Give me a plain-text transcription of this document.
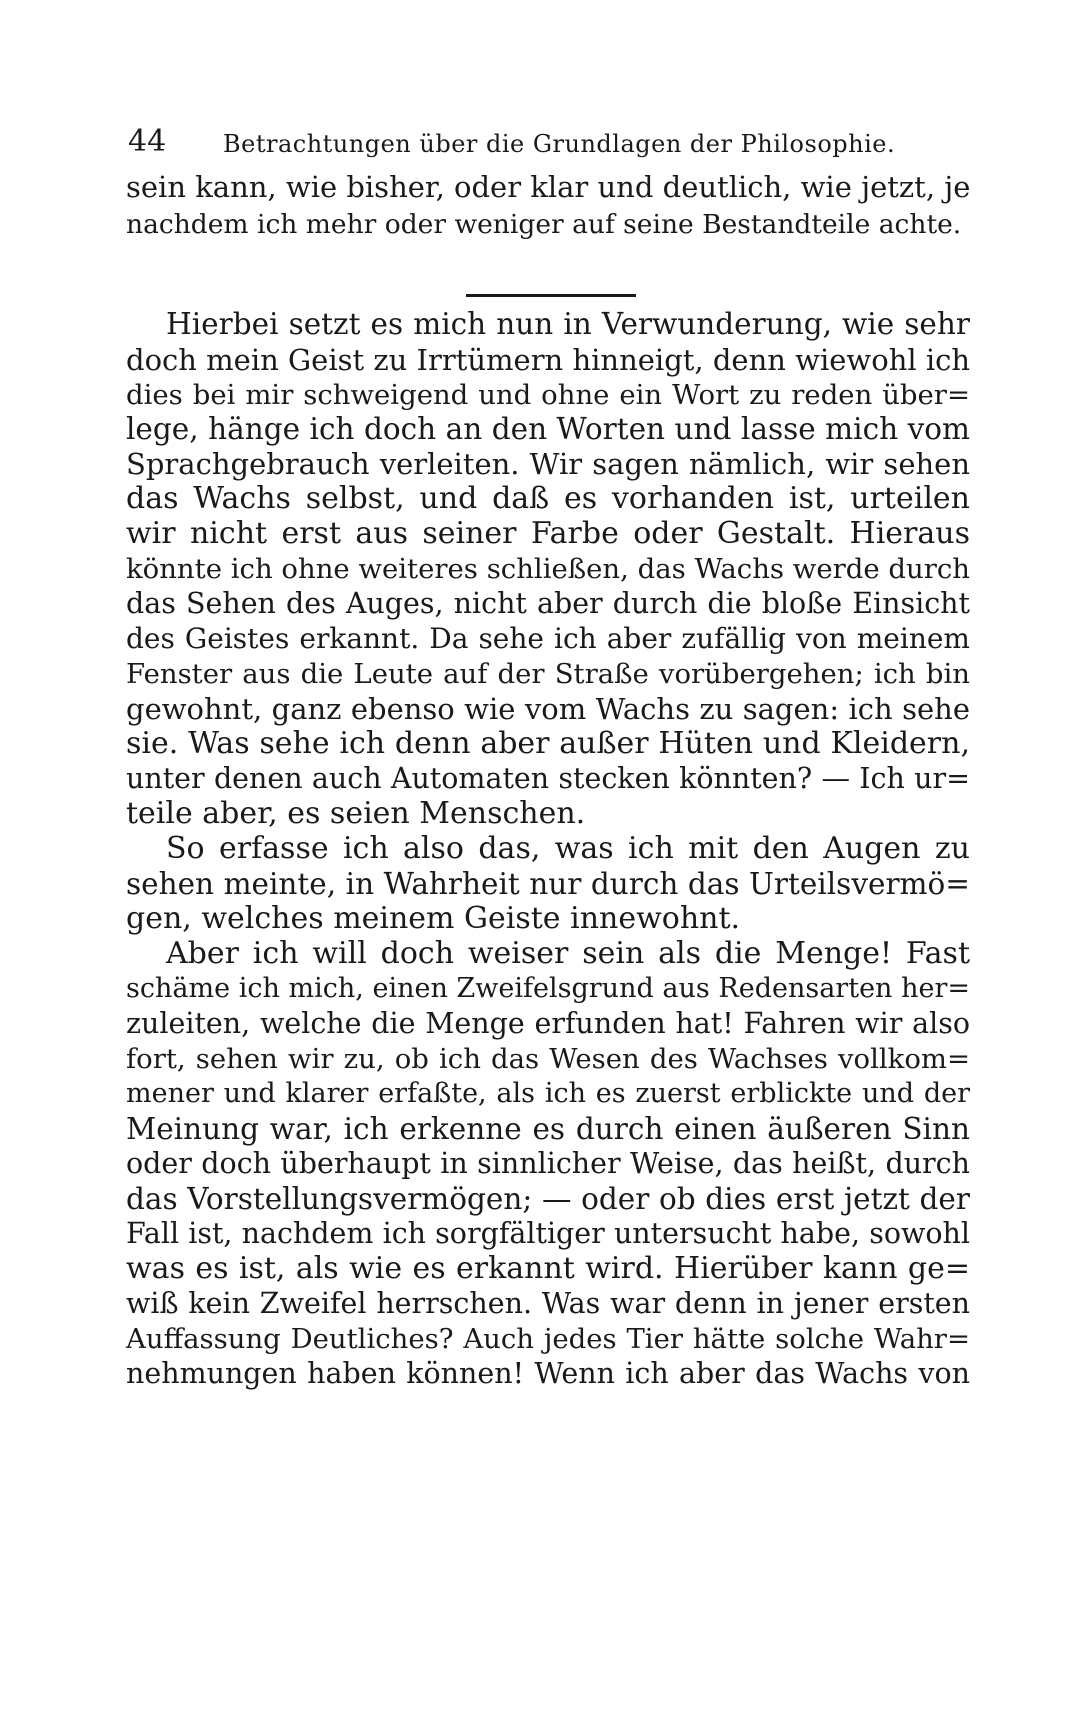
44 Betrachtungen über die Grundlagen der Philosophie.
sein kann, wie bisher, oder klar und deutlich, wie jetzt, je
nachdem ich mehr oder weniger auf seine Bestandteile achte.
Hierbei setzt es mich nun in Verwunderung, wie sehr
doch mein Geist zu Irrtümern hinneigt, denn wiewohl ich
dies bei mir schweigend und ohne ein Wort zu reden über=
lege, hänge ich doch an den Worten und lasse mich vom
Sprachgebrauch verleiten. Wir sagen nämlich, wir sehen
das Wachs selbst, und daß es vorhanden ist, urteilen
wir nicht erst aus seiner Farbe oder Gestalt. Hieraus
könnte ich ohne weiteres schließen, das Wachs werde durch
das Sehen des Auges, nicht aber durch die bloße Einsicht
des Geistes erkannt. Da sehe ich aber zufällig von meinem
Fenster aus die Leute auf der Straße vorübergehen; ich bin
gewohnt, ganz ebenso wie vom Wachs zu sagen: ich sehe
sie. Was sehe ich denn aber außer Hüten und Kleidern,
unter denen auch Automaten stecken könnten? — Ich ur=
teile aber, es seien Menschen.
So erfasse ich also das, was ich mit den Augen zu
sehen meinte, in Wahrheit nur durch das Urteilsvermö=
gen, welches meinem Geiste innewohnt.
Aber ich will doch weiser sein als die Menge! Fast
schäme ich mich, einen Zweifelsgrund aus Redensarten her=
zuleiten, welche die Menge erfunden hat! Fahren wir also
fort, sehen wir zu, ob ich das Wesen des Wachses vollkom=
mener und klarer erfaßte, als ich es zuerst erblickte und der
Meinung war, ich erkenne es durch einen äußeren Sinn
oder doch überhaupt in sinnlicher Weise, das heißt, durch
das Vorstellungsvermögen; — oder ob dies erst jetzt der
Fall ist, nachdem ich sorgfältiger untersucht habe, sowohl
was es ist, als wie es erkannt wird. Hierüber kann ge=
wiß kein Zweifel herrschen. Was war denn in jener ersten
Auffassung Deutliches? Auch jedes Tier hätte solche Wahr=
nehmungen haben können! Wenn ich aber das Wachs von
